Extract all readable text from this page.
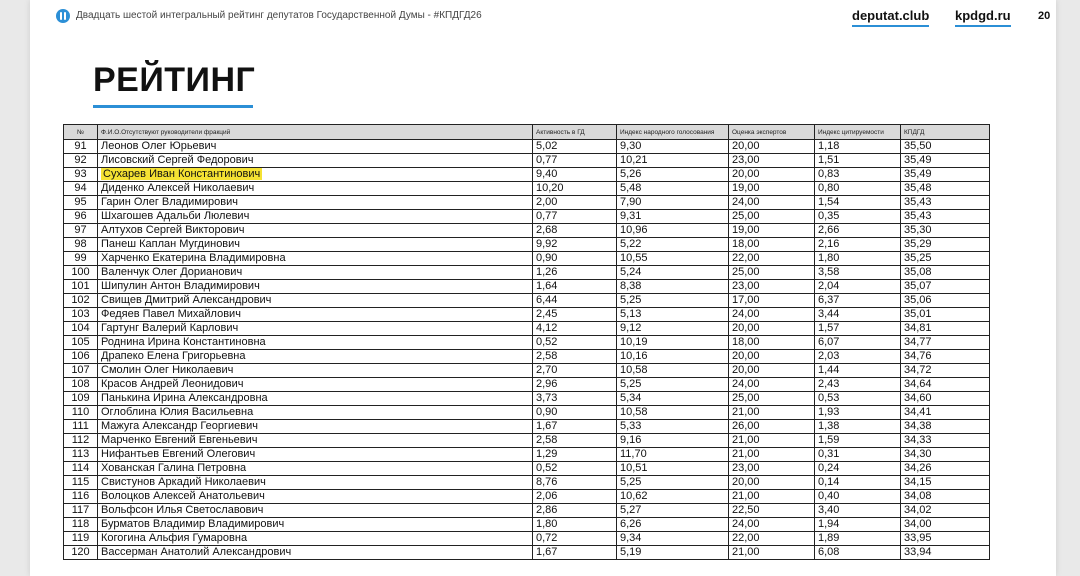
Двадцать шестой интегральный рейтинг депутатов Государственной Думы - #КПДГД26	deputat.club kpdgd.ru 20
РЕЙТИНГ
№	Ф.И.О.Отсутствуют руководители фракций	Активность в ГД	Индекс народного голосования	Оценка экспертов	Индекс цитируемости	КПДГД
91	Леонов Олег Юрьевич	5,02	9,30	20,00	1,18	35,50
92	Лисовский Сергей Федорович	0,77	10,21	23,00	1,51	35,49
93	Сухарев Иван Константинович	9,40	5,26	20,00	0,83	35,49
94	Диденко Алексей Николаевич	10,20	5,48	19,00	0,80	35,48
95	Гарин Олег Владимирович	2,00	7,90	24,00	1,54	35,43
96	Шхагошев Адальби Люлевич	0,77	9,31	25,00	0,35	35,43
97	Алтухов Сергей Викторович	2,68	10,96	19,00	2,66	35,30
98	Панеш Каплан Мугдинович	9,92	5,22	18,00	2,16	35,29
99	Харченко Екатерина Владимировна	0,90	10,55	22,00	1,80	35,25
100	Валенчук Олег Дорианович	1,26	5,24	25,00	3,58	35,08
101	Шипулин Антон Владимирович	1,64	8,38	23,00	2,04	35,07
102	Свищев Дмитрий Александрович	6,44	5,25	17,00	6,37	35,06
103	Федяев Павел Михайлович	2,45	5,13	24,00	3,44	35,01
104	Гартунг Валерий Карлович	4,12	9,12	20,00	1,57	34,81
105	Роднина Ирина Константиновна	0,52	10,19	18,00	6,07	34,77
106	Драпеко Елена Григорьевна	2,58	10,16	20,00	2,03	34,76
107	Смолин Олег Николаевич	2,70	10,58	20,00	1,44	34,72
108	Красов Андрей Леонидович	2,96	5,25	24,00	2,43	34,64
109	Панькина Ирина Александровна	3,73	5,34	25,00	0,53	34,60
110	Оглоблина Юлия Васильевна	0,90	10,58	21,00	1,93	34,41
111	Мажуга Александр Георгиевич	1,67	5,33	26,00	1,38	34,38
112	Марченко Евгений Евгеньевич	2,58	9,16	21,00	1,59	34,33
113	Нифантьев Евгений Олегович	1,29	11,70	21,00	0,31	34,30
114	Хованская Галина Петровна	0,52	10,51	23,00	0,24	34,26
115	Свистунов Аркадий Николаевич	8,76	5,25	20,00	0,14	34,15
116	Волоцков Алексей Анатольевич	2,06	10,62	21,00	0,40	34,08
117	Вольфсон Илья Светославович	2,86	5,27	22,50	3,40	34,02
118	Бурматов Владимир Владимирович	1,80	6,26	24,00	1,94	34,00
119	Когогина Альфия Гумаровна	0,72	9,34	22,00	1,89	33,95
120	Вассерман Анатолий Александрович	1,67	5,19	21,00	6,08	33,94
